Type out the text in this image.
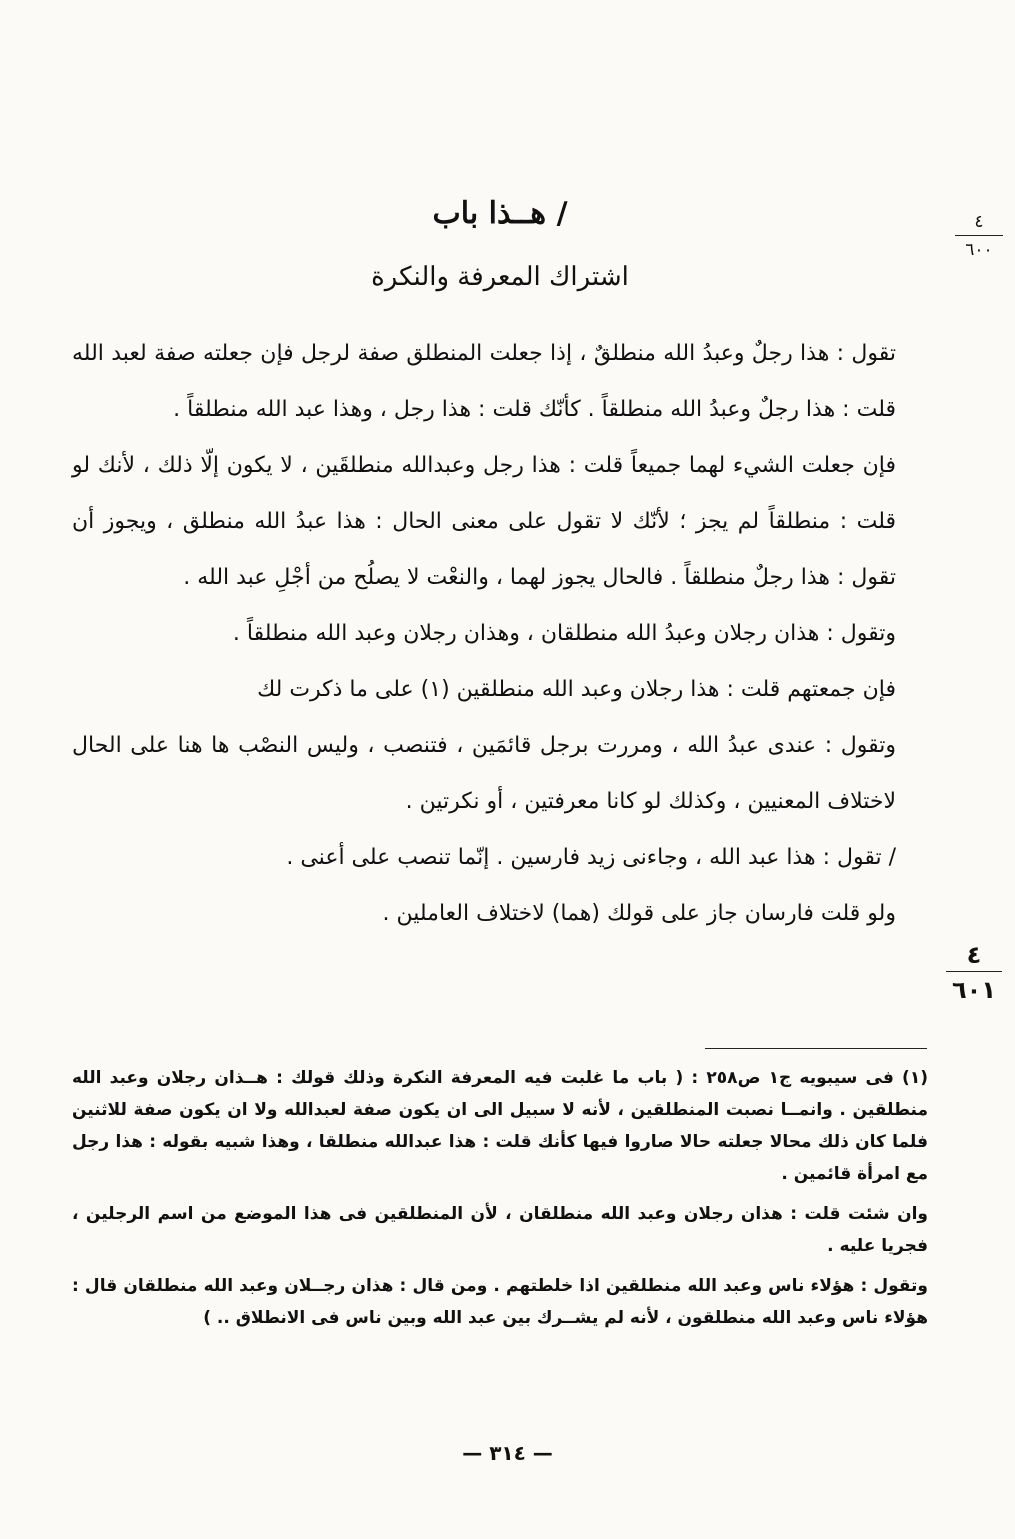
٤
٦٠٠
/ هــذا باب
اشتراك المعرفة والنكرة

تقول : هذا رجلٌ وعبدُ الله منطلقٌ ، إذا جعلت المنطلق صفة لرجل فإن جعلته صفة لعبد الله قلت : هذا رجلٌ وعبدُ الله منطلقاً . كأنّك قلت : هذا رجل ، وهذا عبد الله منطلقاً .

فإن جعلت الشيء لهما جميعاً قلت : هذا رجل وعبدالله منطلقَين ، لا يكون إلّا ذلك ، لأنك لو قلت : منطلقاً لم يجز ؛ لأنّك لا تقول على معنى الحال : هذا عبدُ الله منطلق ، ويجوز أن تقول : هذا رجلٌ منطلقاً . فالحال يجوز لهما ، والنعْت لا يصلُح من أجْلِ عبد الله .

وتقول : هذان رجلان وعبدُ الله منطلقان ، وهذان رجلان وعبد الله منطلقاً .

فإن جمعتهم قلت : هذا رجلان وعبد الله منطلقين (١) على ما ذكرت لك

وتقول : عندى عبدُ الله ، ومررت برجل قائمَين ، فتنصب ، وليس النصْب ها هنا على الحال لاختلاف المعنيين ، وكذلك لو كانا معرفتين ، أو نكرتين .

/ تقول : هذا عبد الله ، وجاءنى زيد فارسين . إنّما تنصب على أعنى .

ولو قلت فارسان جاز على قولك (هما) لاختلاف العاملين .

٤
٦٠١

(١) فى سيبويه ج١ ص٢٥٨ : ( باب ما غلبت فيه المعرفة النكرة وذلك قولك : هــذان رجلان وعبد الله منطلقين . وانمــا نصبت المنطلقين ، لأنه لا سبيل الى ان يكون صفة لعبدالله ولا ان يكون صفة للاثنين فلما كان ذلك محالا جعلته حالا صاروا فيها كأنك قلت : هذا عبدالله منطلقا ، وهذا شبيه بقوله : هذا رجل مع امرأة قائمين .

وان شئت قلت : هذان رجلان وعبد الله منطلقان ، لأن المنطلقين فى هذا الموضع من اسم الرجلين ، فجريا عليه .

وتقول : هؤلاء ناس وعبد الله منطلقين اذا خلطتهم . ومن قال : هذان رجــلان وعبد الله منطلقان قال : هؤلاء ناس وعبد الله منطلقون ، لأنه لم يشــرك بين عبد الله وبين ناس فى الانطلاق .. )

— ٣١٤ —
